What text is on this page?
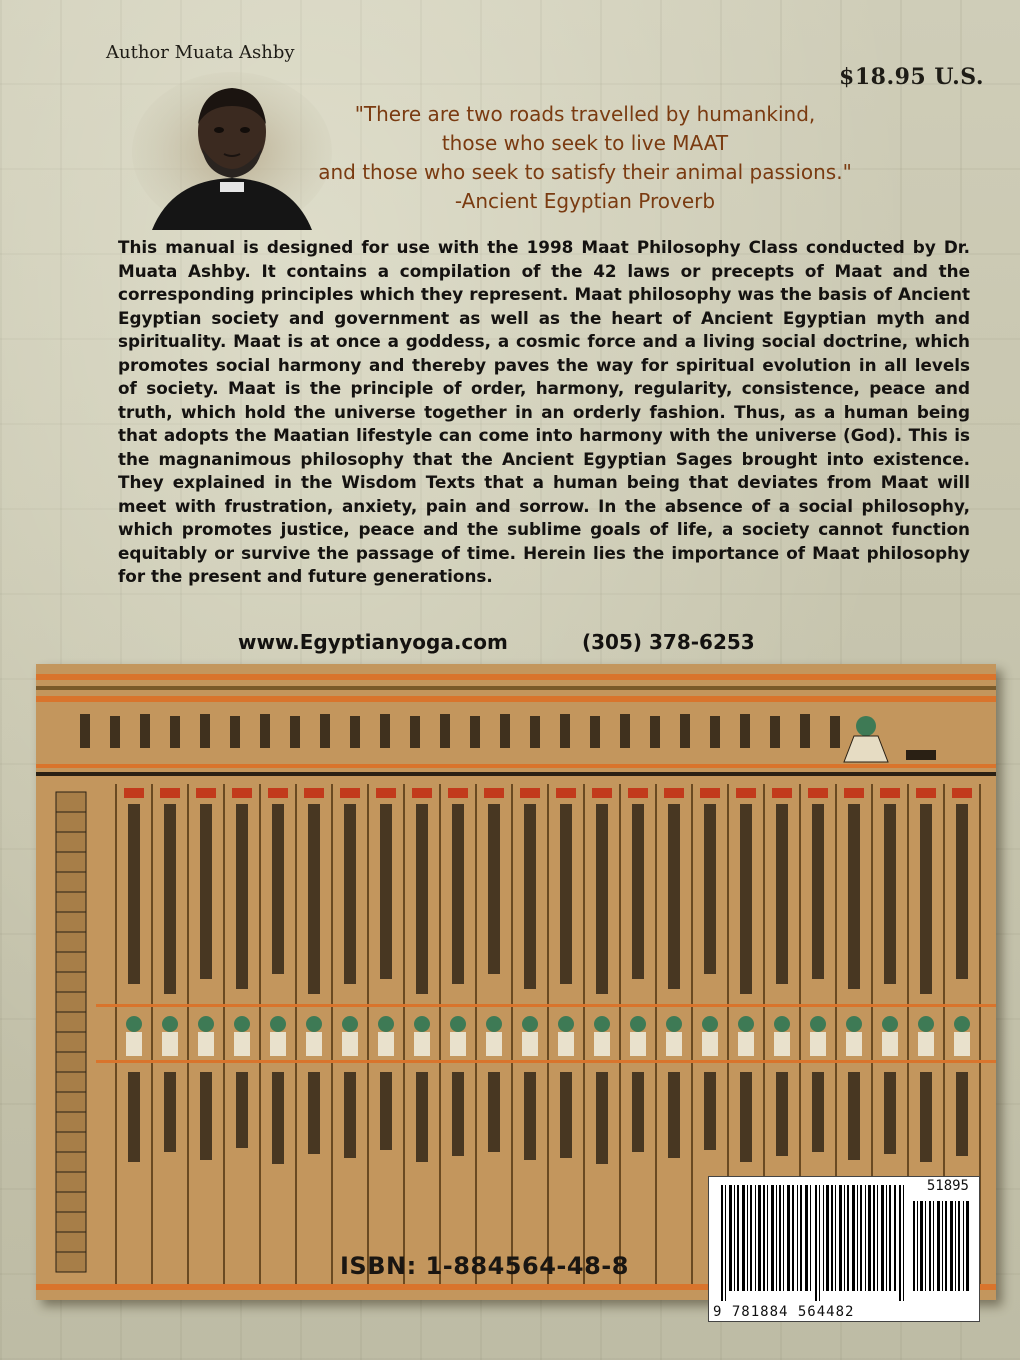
Author Muata Ashby
$18.95 U.S.
"There are two roads travelled by humankind,
those who seek to live MAAT
and those who seek to satisfy their animal passions."
-Ancient Egyptian Proverb
This manual is designed for use with the 1998 Maat Philosophy Class conducted by Dr. Muata Ashby. It contains a compilation of the 42 laws or precepts of Maat and the corresponding principles which they represent. Maat philosophy was the basis of Ancient Egyptian society and government as well as the heart of Ancient Egyptian myth and spirituality. Maat is at once a goddess, a cosmic force and a living social doctrine, which promotes social harmony and thereby paves the way for spiritual evolution in all levels of society. Maat is the principle of order, harmony, regularity, consistence, peace and truth, which hold the universe together in an orderly fashion. Thus, as a human being that adopts the Maatian lifestyle can come into harmony with the universe (God). This is the magnanimous philosophy that the Ancient Egyptian Sages brought into existence. They explained in the Wisdom Texts that a human being that deviates from Maat will meet with frustration, anxiety, pain and sorrow. In the absence of a social philosophy, which promotes justice, peace and the sublime goals of life, a society cannot function equitably or survive the passage of time. Herein lies the importance of Maat philosophy for the present and future generations.
www.Egyptianyoga.com	(305) 378-6253
ISBN: 1-884564-48-8
51895
9 781884 564482
